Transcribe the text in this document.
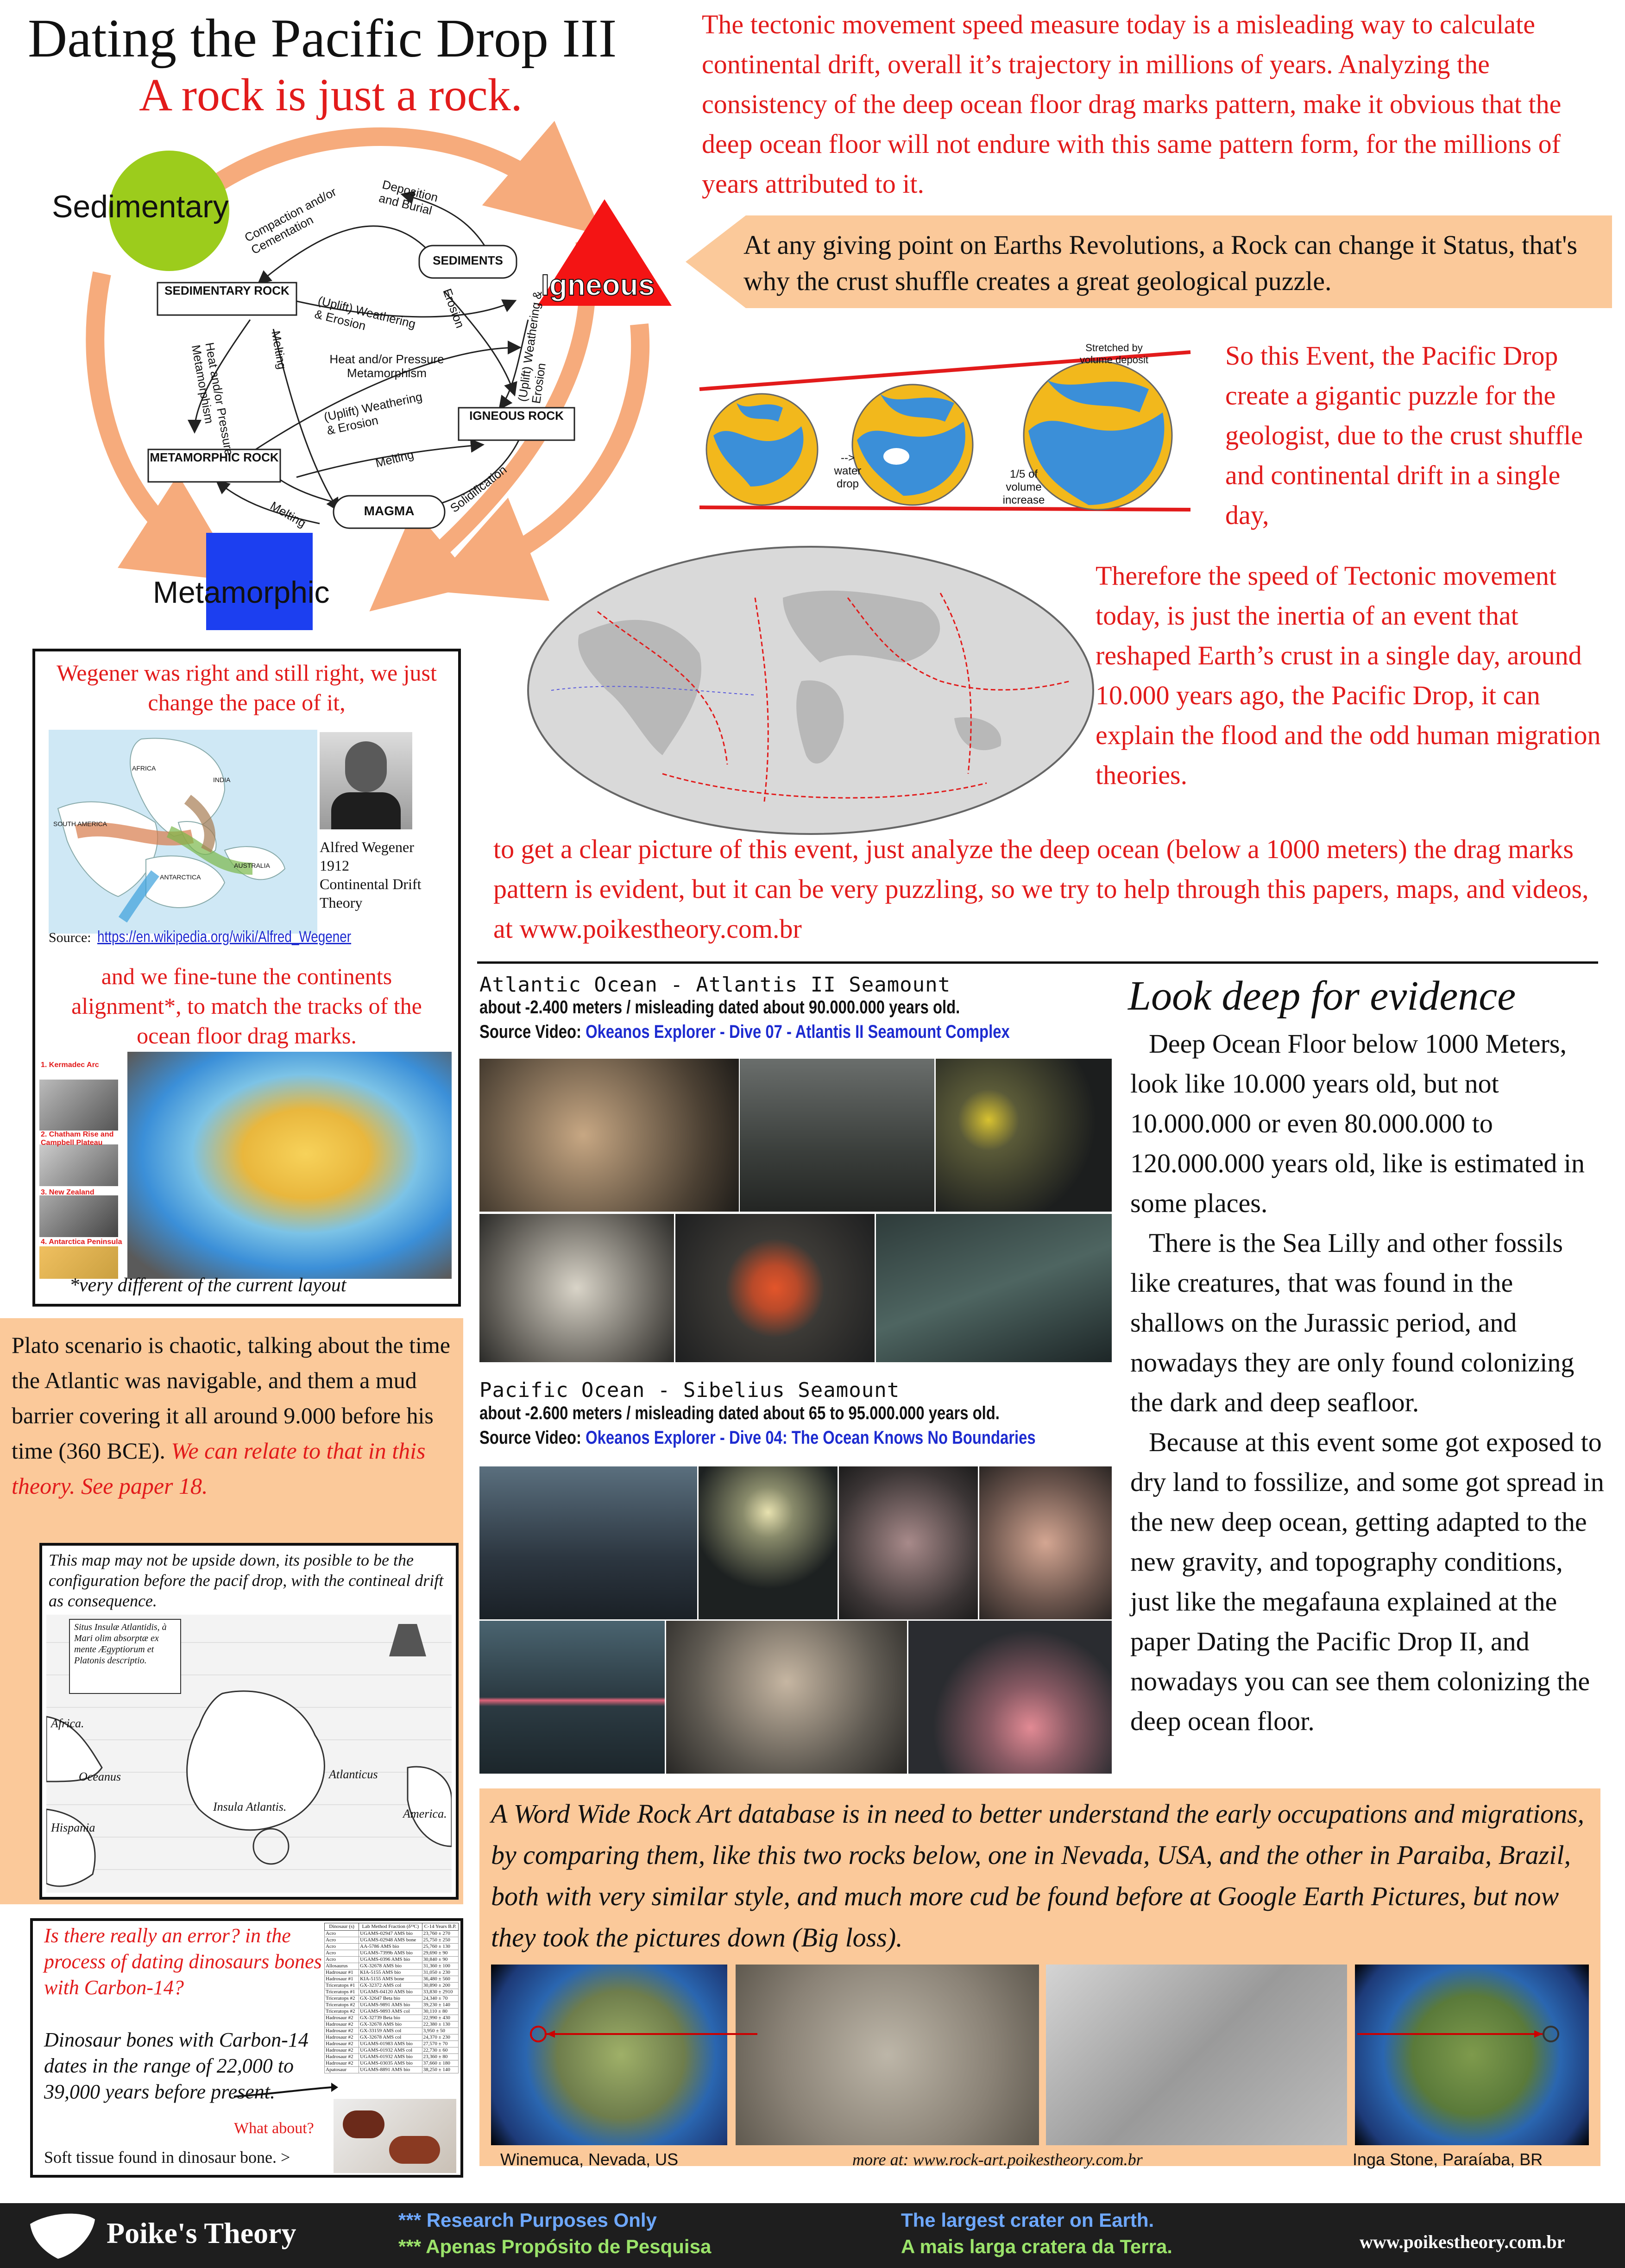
Dating the Pacific Drop III
A rock is just a rock.
The tectonic movement speed measure today is a misleading way to calculate continental drift, overall it’s trajectory in millions of years. Analyzing the consistency of the deep ocean floor drag marks pattern, make it obvious that the deep ocean floor will not endure with this same pattern form, for the millions of years attributed to it.
Sedimentary
Igneous
Metamorphic
SEDIMENTS
SEDIMENTARY ROCK
IGNEOUS ROCK
METAMORPHIC ROCK
MAGMA
Deposition and Burial
Compaction and/or Cementation
(Uplift) Weathering & Erosion
Heat and/or Pressure Metamorphism
Heat and/or Pressure Metamorphism	Melting
Melting
Melting
(Uplift) Weathering & Erosion
(Uplift) Weathering & Erosion
Erosion
Solidification
At any giving point on Earths Revolutions, a Rock can change it Status, that's why the crust shuffle creates a great geological puzzle.
Stretched by volume deposit
--> water drop
1/5 of volume increase
So this Event, the Pacific Drop create a gigantic puzzle for the geologist, due to the crust shuffle and continental drift in a single day,
Therefore the speed of Tectonic movement today, is just the inertia of an event that reshaped Earth’s crust in a single day, around 10.000 years ago, the Pacific Drop, it can explain the flood and the odd human migration theories.
to get a clear picture of this event, just analyze the deep ocean (below a 1000 meters) the drag marks pattern is evident, but it can be very puzzling, so we try to help through this papers, maps, and videos, at www.poikestheory.com.br
Wegener was right and still right, we just change the pace of it,
AFRICA
INDIA
SOUTH AMERICA
ANTARCTICA
AUSTRALIA
Alfred Wegener
1912
Continental Drift Theory
Source: https://en.wikipedia.org/wiki/Alfred_Wegener
and we fine-tune the continents alignment*, to match the tracks of the ocean floor drag marks.
1. Kermadec Arc
2. Chatham Rise and Campbell Plateau
3. New Zealand
4. Antarctica Peninsula
*very different of the current layout
Plato scenario is chaotic, talking about the time the Atlantic was navigable, and them a mud barrier covering it all around 9.000 before his time (360 BCE). We can relate to that in this theory. See paper 18.
This map may not be upside down, its posible to be the configuration before the pacif drop, with the contineal drift as consequence.
Situs Insulæ Atlantidis, à Mari olim absorptæ ex mente Ægyptiorum et Platonis descriptio.
Africa.
Oceanus
Hispania
Atlanticus
Insula Atlantis.
America.
Is there really an error? in the process of dating dinosaurs bones with Carbon-14?
Dinosaur bones with Carbon-14 dates in the range of 22,000 to 39,000 years before present.
Dinosaur (s)	Lab Method Fraction (δ¹³C)	C-14 Years B.P.
Acro	UGAMS-02947 AMS bio	23,760 ± 270
Acro	UGAMS-02948 AMS bone	25,750 ± 250
Acro	AA-5786 AMS bio	25,760 ± 130
Acro	UGAMS-7399b AMS bio	29,690 ± 90
Acro	UGAMS-0396 AMS bio	30,840 ± 90
Allosaurus	GX-32678 AMS bio	31,360 ± 100
Hadrosaur #1	KIA-5155 AMS bio	31,050 ± 230
Hadrosaur #1	KIA-5155 AMS bone	36,480 ± 560
Triceratops #1	GX-32372 AMS col	30,890 ± 200
Triceratops #1	UGAMS-04120 AMS bio	33,830 ± 2910
Triceratops #2	GX-32647 Beta bio	24,340 ± 70
Triceratops #2	UGAMS-9891 AMS bio	39,230 ± 140
Triceratops #2	UGAMS-9893 AMS col	30,110 ± 80
Hadrosaur #2	GX-32739 Beta bio	22,990 ± 430
Hadrosaur #2	GX-32678 AMS bio	22,380 ± 130
Hadrosaur #2	GX-33159 AMS col	3,950 ± 50
Hadrosaur #2	GX-32678 AMS col	24,370 ± 230
Hadrosaur #2	UGAMS-01983 AMS bio	27,570 ± 70
Hadrosaur #2	UGAMS-01932 AMS col	22,730 ± 60
Hadrosaur #2	UGAMS-01932 AMS bio	23,360 ± 80
Hadrosaur #2	UGAMS-03035 AMS bio	37,660 ± 180
Apatosaur	UGAMS-8891 AMS bio	38,250 ± 140
What about?
Soft tissue found in dinosaur bone. >
Atlantic Ocean - Atlantis II Seamount
about -2.400 meters / misleading dated about 90.000.000 years old.
Source Video: Okeanos Explorer - Dive 07 - Atlantis II Seamount Complex
Pacific Ocean - Sibelius Seamount
about -2.600 meters / misleading dated about 65 to 95.000.000 years old.
Source Video: Okeanos Explorer - Dive 04: The Ocean Knows No Boundaries
Look deep for evidence

Deep Ocean Floor below 1000 Meters, look like 10.000 years old, but not 10.000.000 or even 80.000.000 to 120.000.000 years old, like is estimated in some places.

There is the Sea Lilly and other fossils like creatures, that was found in the shallows on the Jurassic period, and nowadays they are only found colonizing the dark and deep seafloor.

Because at this event some got exposed to dry land to fossilize, and some got spread in the new deep ocean, getting adapted to the new gravity, and topography conditions, just like the megafauna explained at the paper Dating the Pacific Drop II, and nowadays you can see them colonizing the deep ocean floor.

A Word Wide Rock Art database is in need to better understand the early occupations and migrations, by comparing them, like this two rocks below, one in Nevada, USA, and the other in Paraiba, Brazil, both with very similar style, and much more cud be found before at Google Earth Pictures, but now they took the pictures down (Big loss).
Winemuca, Nevada, US	more at: www.rock-art.poikestheory.com.br	Inga Stone, Paraíaba, BR
Poike's Theory	*** Research Purposes Only
*** Apenas Propósito de Pesquisa
The largest crater on Earth.
A mais larga cratera da Terra.	www.poikestheory.com.br
